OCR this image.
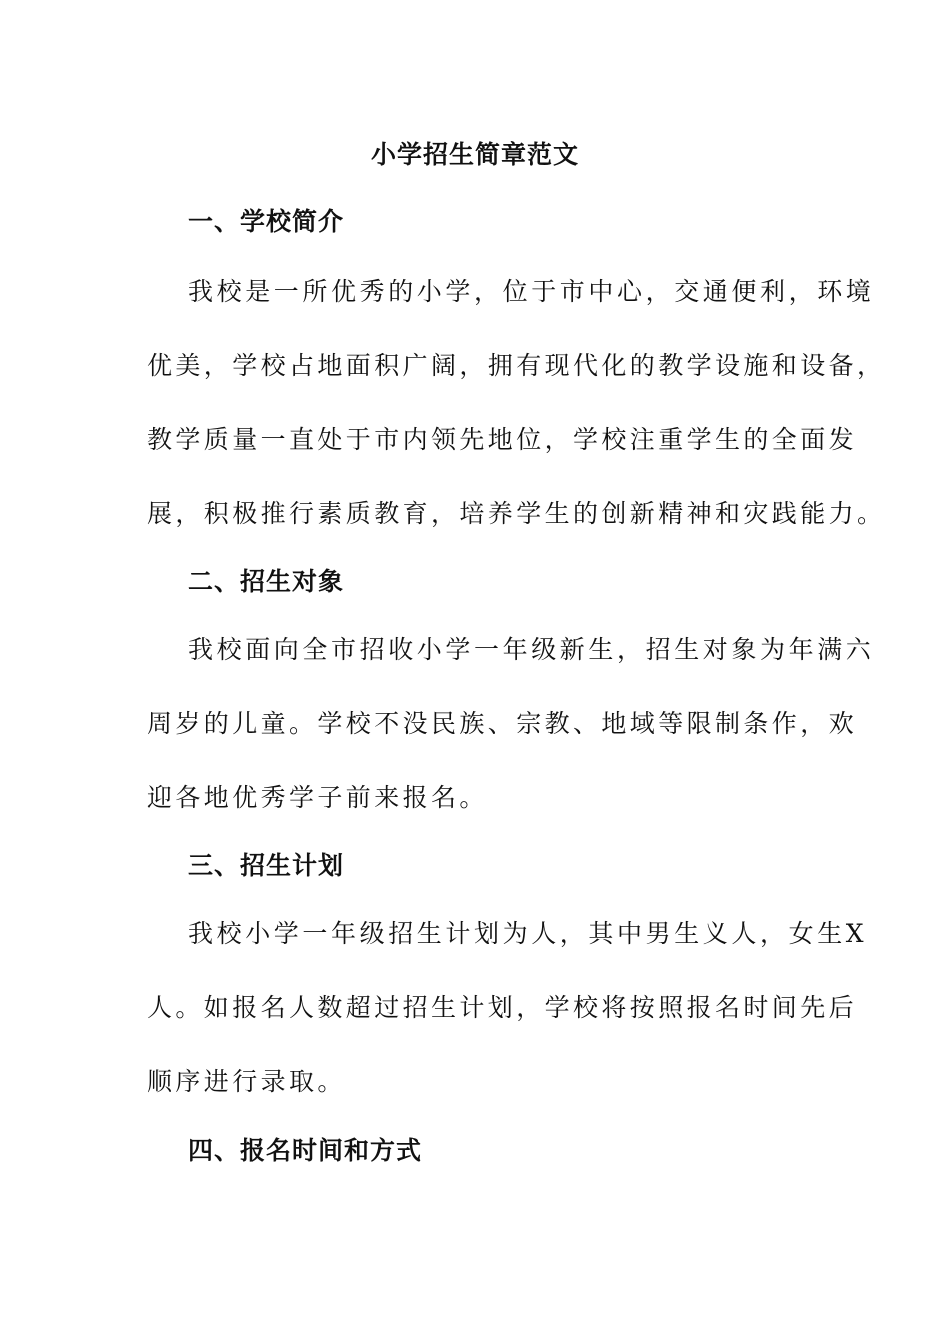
小学招生简章范文
一、学校简介
我校是一所优秀的小学，位于市中心，交通便利，环境
优美，学校占地面积广阔，拥有现代化的教学设施和设备，
教学质量一直处于市内领先地位，学校注重学生的全面发
展，积极推行素质教育，培养学生的创新精神和灾践能力。
二、招生对象
我校面向全市招收小学一年级新生，招生对象为年满六
周岁的儿童。学校不没民族、宗教、地域等限制条作，欢
迎各地优秀学子前来报名。
三、招生计划
我校小学一年级招生计划为人，其中男生义人，女生X
人。如报名人数超过招生计划，学校将按照报名时间先后
顺序进行录取。
四、报名时间和方式
